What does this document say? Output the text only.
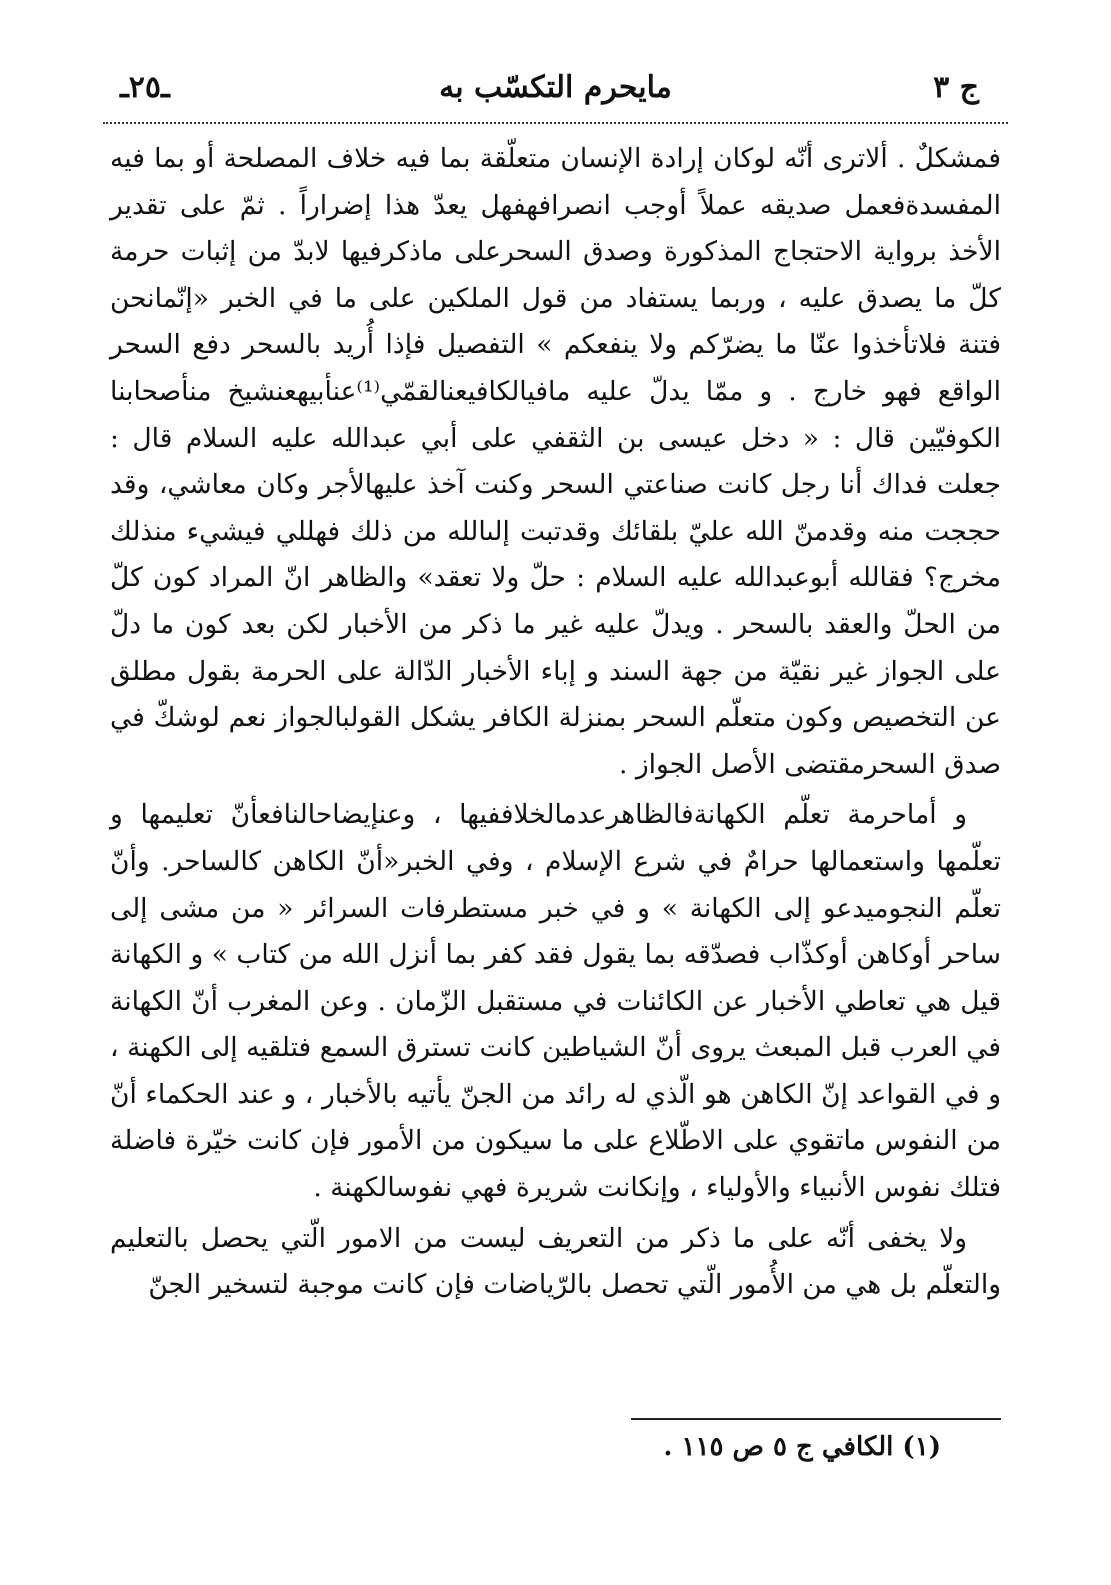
ج ٣
مايحرم التكسّب به
ـ٢٥ـ

فمشكلٌ . ألاترى أنّه لوكان إرادة الإنسان متعلّقة بما فيه خلاف المصلحة أو بما فيه المفسدةفعمل صديقه عملاً أوجب انصرافهفهل يعدّ هذا إضراراً . ثمّ على تقدير الأخذ برواية الاحتجاج المذكورة وصدق السحرعلى ماذكرفيها لابدّ من إثبات حرمة كلّ ما يصدق عليه ، وربما يستفاد من قول الملكين على ما في الخبر «إنّمانحن فتنة فلاتأخذوا عنّا ما يضرّكم ولا ينفعكم » التفصيل فإذا أُريد بالسحر دفع السحر الواقع فهو خارج . و ممّا يدلّ عليه مافيالكافيعنالقمّي⁽¹⁾عنأبيهعنشيخ منأصحابنا الكوفيّين قال : « دخل عيسى بن الثقفي على أبي عبدالله عليه السلام قال : جعلت فداك أنا رجل كانت صناعتي السحر وكنت آخذ عليهالأجر وكان معاشي، وقد حججت منه وقدمنّ الله عليّ بلقائك وقدتبت إلىالله من ذلك فهللي فيشيء منذلك مخرج؟ فقالله أبوعبدالله عليه السلام : حلّ ولا تعقد» والظاهر انّ المراد كون كلّ من الحلّ والعقد بالسحر . ويدلّ عليه غير ما ذكر من الأخبار لكن بعد كون ما دلّ على الجواز غير نقيّة من جهة السند و إباء الأخبار الدّالة على الحرمة بقول مطلق عن التخصيص وكون متعلّم السحر بمنزلة الكافر يشكل القولبالجواز نعم لوشكّ في صدق السحرمقتضى الأصل الجواز .

و أماحرمة تعلّم الكهانةفالظاهرعدمالخلاففيها ، وعنإيضاحالنافعأنّ تعليمها و تعلّمها واستعمالها حرامٌ في شرع الإسلام ، وفي الخبر«أنّ الكاهن كالساحر. وأنّ تعلّم النجوميدعو إلى الكهانة » و في خبر مستطرفات السرائر « من مشى إلى ساحر أوكاهن أوكذّاب فصدّقه بما يقول فقد كفر بما أنزل الله من كتاب » و الكهانة قيل هي تعاطي الأخبار عن الكائنات في مستقبل الزّمان . وعن المغرب أنّ الكهانة في العرب قبل المبعث يروى أنّ الشياطين كانت تسترق السمع فتلقيه إلى الكهنة ، و في القواعد إنّ الكاهن هو الّذي له رائد من الجنّ يأتيه بالأخبار ، و عند الحكماء أنّ من النفوس ماتقوي على الاطّلاع على ما سيكون من الأمور فإن كانت خيّرة فاضلة فتلك نفوس الأنبياء والأولياء ، وإنكانت شريرة فهي نفوسالكهنة .

ولا يخفى أنّه على ما ذكر من التعريف ليست من الامور الّتي يحصل بالتعليم والتعلّم بل هي من الأُمور الّتي تحصل بالرّياضات فإن كانت موجبة لتسخير الجنّ

(١) الكافي ج ٥ ص ١١٥ .
